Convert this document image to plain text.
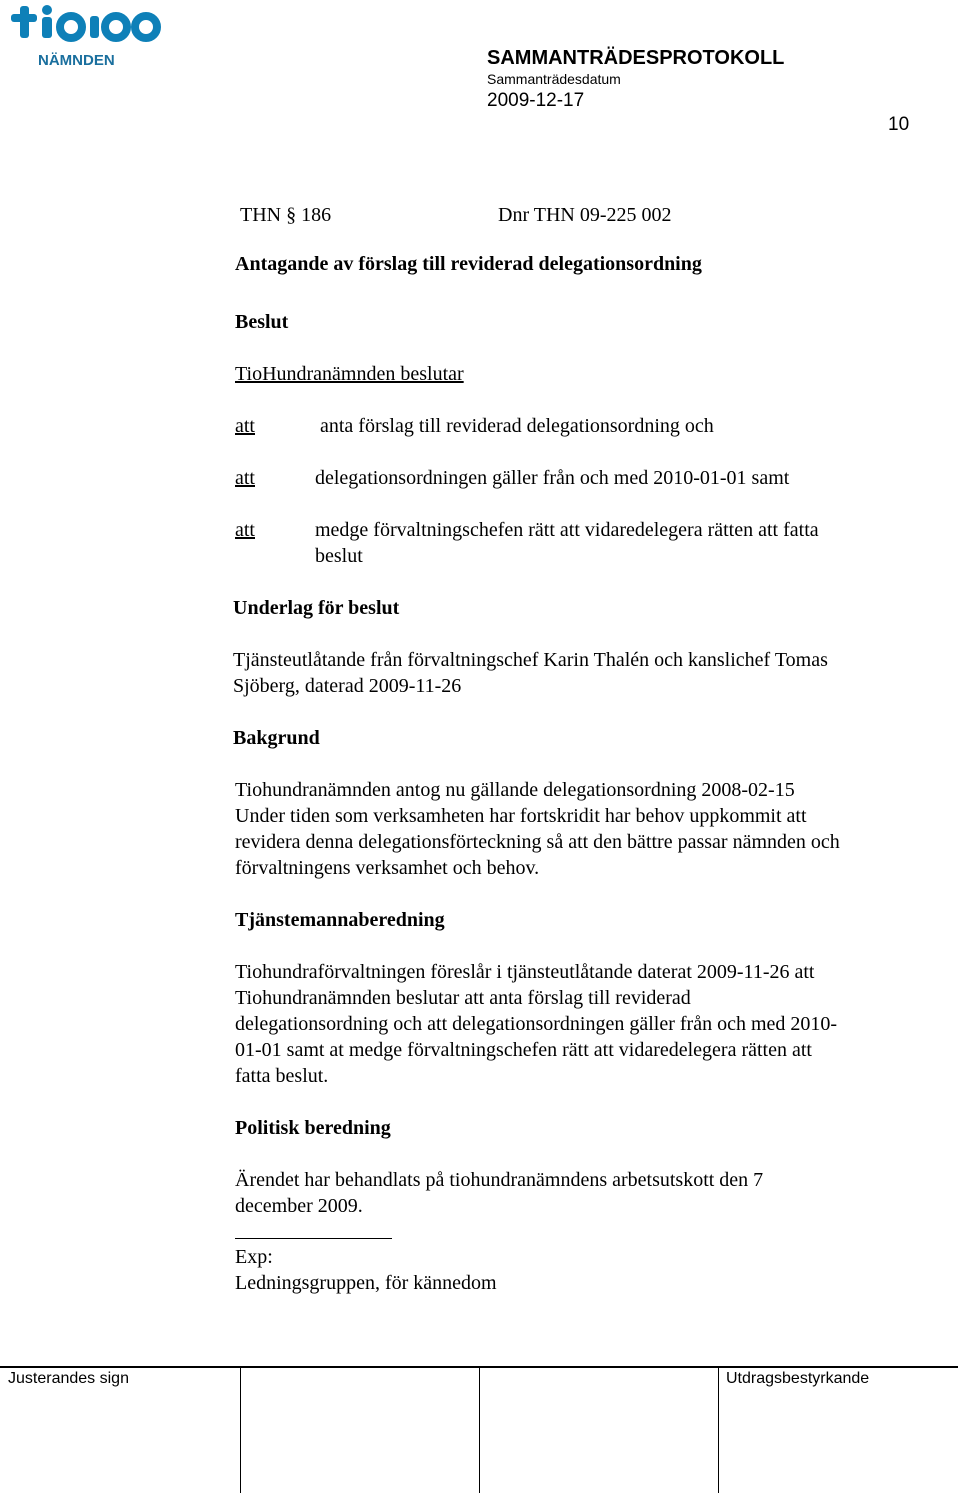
NÄMNDEN	SAMMANTRÄDESPROTOKOLL
Sammanträdesdatum
2009-12-17
10
THN § 186	Dnr THN 09-225 002
Antagande av förslag till reviderad delegationsordning
Beslut
TioHundranämnden beslutar
att	anta förslag till reviderad delegationsordning och
att	delegationsordningen gäller från och med 2010-01-01 samt
att	medge förvaltningschefen rätt att vidaredelegera rätten att fatta
beslut
Underlag för beslut
Tjänsteutlåtande från förvaltningschef Karin Thalén och kanslichef Tomas
Sjöberg, daterad 2009-11-26
Bakgrund
Tiohundranämnden antog nu gällande delegationsordning 2008-02-15
Under tiden som verksamheten har fortskridit har behov uppkommit att
revidera denna delegationsförteckning så att den bättre passar nämnden och
förvaltningens verksamhet och behov.
Tjänstemannaberedning
Tiohundraförvaltningen föreslår i tjänsteutlåtande daterat 2009-11-26 att
Tiohundranämnden beslutar att anta förslag till reviderad
delegationsordning och att delegationsordningen gäller från och med 2010-
01-01 samt at medge förvaltningschefen rätt att vidaredelegera rätten att
fatta beslut.
Politisk beredning
Ärendet har behandlats på tiohundranämndens arbetsutskott den 7
december 2009.
Exp:
Ledningsgruppen, för kännedom
Justerandes sign	Utdragsbestyrkande
